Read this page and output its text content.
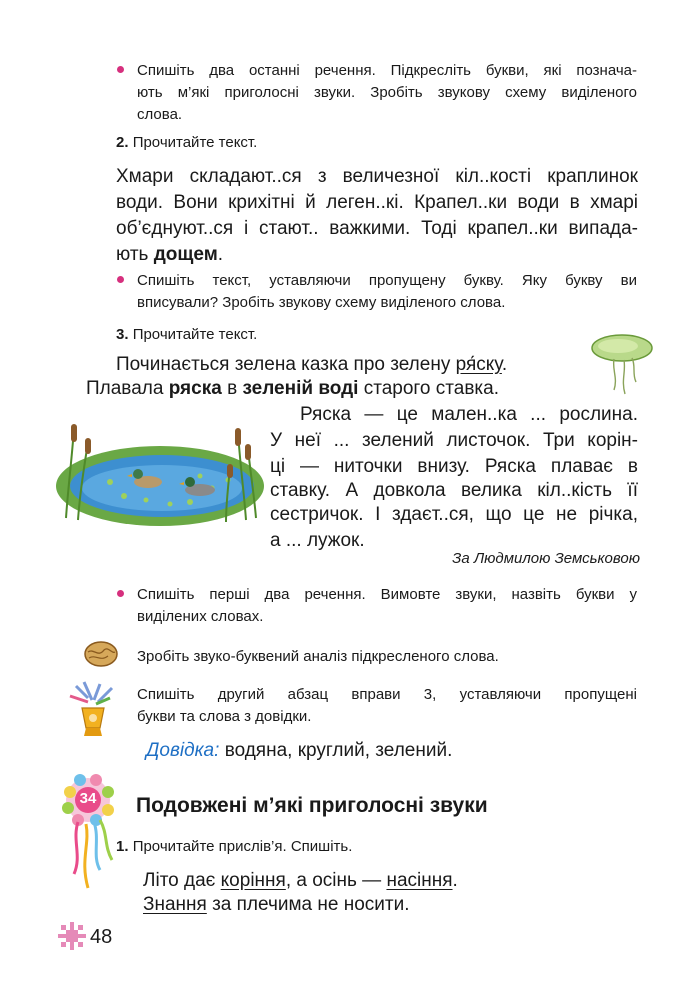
Спишіть два останні речення. Підкресліть букви, які познача-
ють м’які приголосні звуки. Зробіть звукову схему виділеного
слова.
2. Прочитайте текст.
Хмари складают..ся з величезної кіл..кості краплинок
води. Вони крихітні й леген..кі. Крапел..ки води в хмарі
об’єднуют..ся і стают.. важкими. Тоді крапел..ки випада-
ють дощем.
Спишіть текст, уставляючи пропущену букву. Яку букву ви
вписували? Зробіть звукову схему виділеного слова.
3. Прочитайте текст.
Починається зелена казка про зелену ря́ску.
Плавала ряска в зеленій воді старого ставка.
Ряска — це мален..ка ... рослина.
У неї ... зелений листочок. Три корін-
ці — ниточки внизу. Ряска плаває в
ставку. А довкола велика кіл..кість її
сестричок. І здаєт..ся, що це не річка,
а ... лужок.
За Людмилою Земськовою
Спишіть перші два речення. Вимовте звуки, назвіть букви у
виділених словах.
Зробіть звуко-буквений аналіз підкресленого слова.
Спишіть другий абзац вправи 3, уставляючи пропущені
букви та слова з довідки.
Довідка: водяна, круглий, зелений.
34 Подовжені м’які приголосні звуки
1. Прочитайте прислів’я. Спишіть.
Літо дає коріння, а осінь — насіння.
Знання за плечима не носити.
48
